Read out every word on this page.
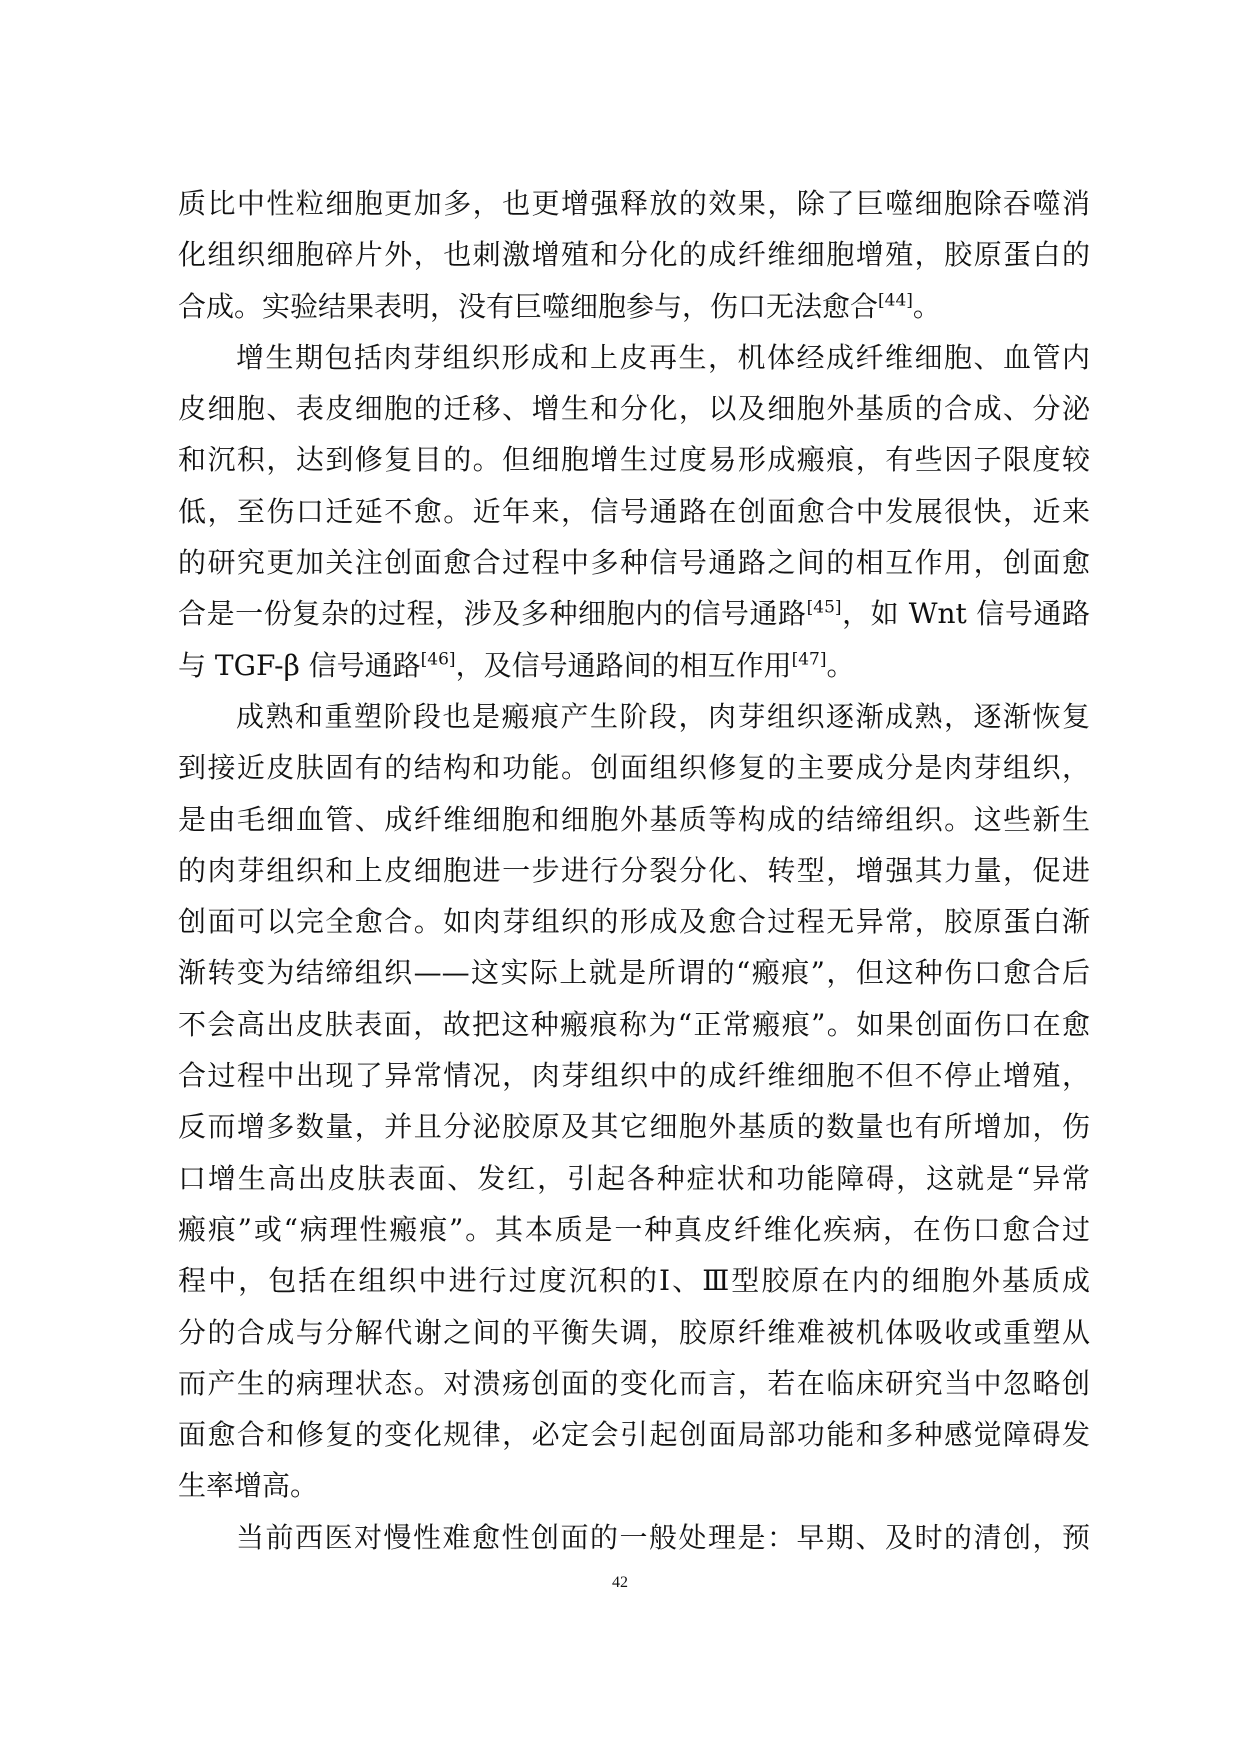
质比中性粒细胞更加多，也更增强释放的效果，除了巨噬细胞除吞噬消
化组织细胞碎片外，也刺激增殖和分化的成纤维细胞增殖，胶原蛋白的
合成。实验结果表明，没有巨噬细胞参与，伤口无法愈合[44]。
增生期包括肉芽组织形成和上皮再生，机体经成纤维细胞、血管内
皮细胞、表皮细胞的迁移、增生和分化，以及细胞外基质的合成、分泌
和沉积，达到修复目的。但细胞增生过度易形成瘢痕，有些因子限度较
低，至伤口迁延不愈。近年来，信号通路在创面愈合中发展很快，近来
的研究更加关注创面愈合过程中多种信号通路之间的相互作用，创面愈
合是一份复杂的过程，涉及多种细胞内的信号通路[45]，如 Wnt 信号通路
与 TGF-β 信号通路[46]，及信号通路间的相互作用[47]。
成熟和重塑阶段也是瘢痕产生阶段，肉芽组织逐渐成熟，逐渐恢复
到接近皮肤固有的结构和功能。创面组织修复的主要成分是肉芽组织，
是由毛细血管、成纤维细胞和细胞外基质等构成的结缔组织。这些新生
的肉芽组织和上皮细胞进一步进行分裂分化、转型，增强其力量，促进
创面可以完全愈合。如肉芽组织的形成及愈合过程无异常，胶原蛋白渐
渐转变为结缔组织——这实际上就是所谓的“瘢痕”，但这种伤口愈合后
不会高出皮肤表面，故把这种瘢痕称为“正常瘢痕”。如果创面伤口在愈
合过程中出现了异常情况，肉芽组织中的成纤维细胞不但不停止增殖，
反而增多数量，并且分泌胶原及其它细胞外基质的数量也有所增加，伤
口增生高出皮肤表面、发红，引起各种症状和功能障碍，这就是“异常
瘢痕”或“病理性瘢痕”。其本质是一种真皮纤维化疾病，在伤口愈合过
程中，包括在组织中进行过度沉积的Ⅰ、Ⅲ型胶原在内的细胞外基质成
分的合成与分解代谢之间的平衡失调，胶原纤维难被机体吸收或重塑从
而产生的病理状态。对溃疡创面的变化而言，若在临床研究当中忽略创
面愈合和修复的变化规律，必定会引起创面局部功能和多种感觉障碍发
生率增高。
当前西医对慢性难愈性创面的一般处理是：早期、及时的清创，预
42
